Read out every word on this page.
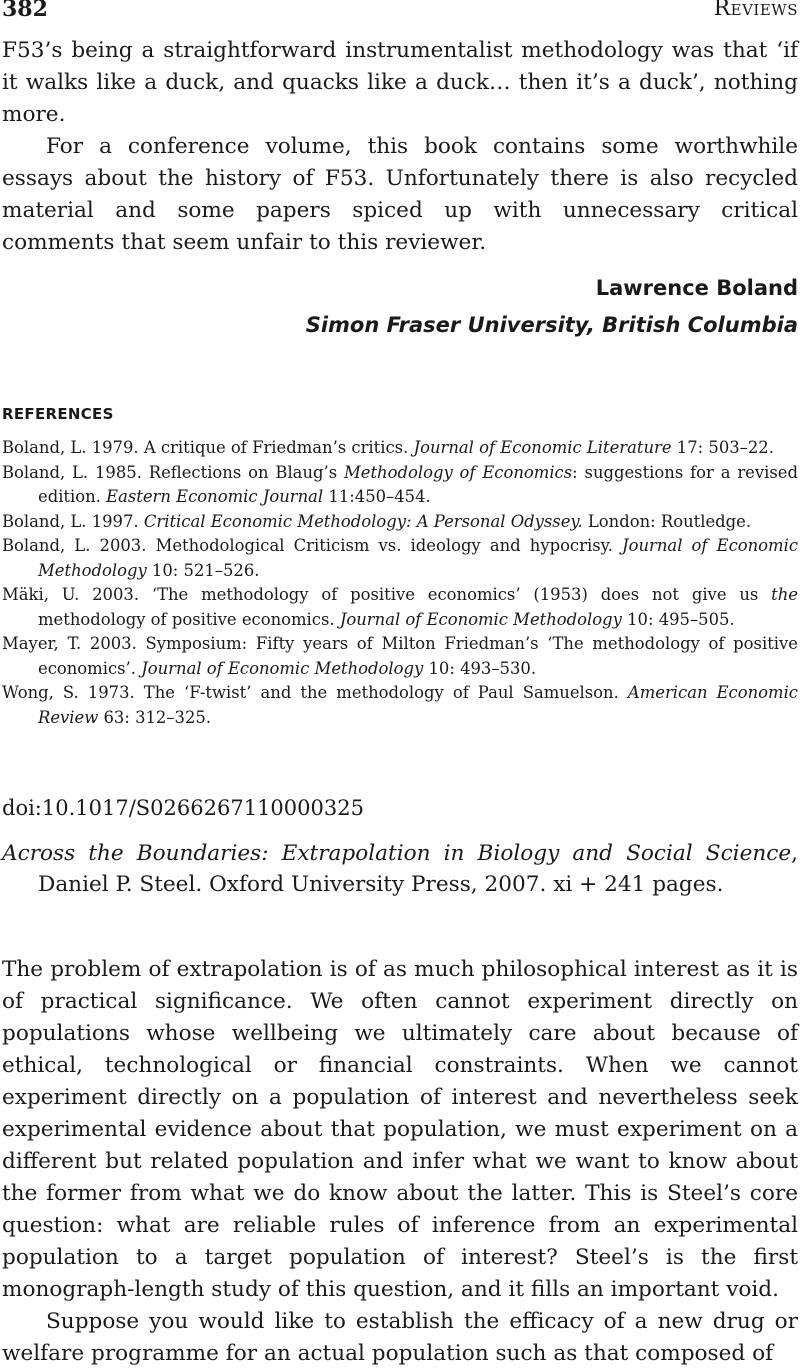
382	Reviews

F53’s being a straightforward instrumentalist methodology was that ‘if it walks like a duck, and quacks like a duck… then it’s a duck’, nothing more.

For a conference volume, this book contains some worthwhile essays about the history of F53. Unfortunately there is also recycled material and some papers spiced up with unnecessary critical comments that seem unfair to this reviewer.

Lawrence Boland
Simon Fraser University, British Columbia
REFERENCES
Boland, L. 1979. A critique of Friedman’s critics. Journal of Economic Literature 17: 503–22.
Boland, L. 1985. Reflections on Blaug’s Methodology of Economics: suggestions for a revised edition. Eastern Economic Journal 11:450–454.
Boland, L. 1997. Critical Economic Methodology: A Personal Odyssey. London: Routledge.
Boland, L. 2003. Methodological Criticism vs. ideology and hypocrisy. Journal of Economic Methodology 10: 521–526.
Mäki, U. 2003. ‘The methodology of positive economics’ (1953) does not give us the methodology of positive economics. Journal of Economic Methodology 10: 495–505.
Mayer, T. 2003. Symposium: Fifty years of Milton Friedman’s ‘The methodology of positive economics’. Journal of Economic Methodology 10: 493–530.
Wong, S. 1973. The ‘F-twist’ and the methodology of Paul Samuelson. American Economic Review 63: 312–325.
doi:10.1017/S0266267110000325

Across the Boundaries: Extrapolation in Biology and Social Science, Daniel P. Steel. Oxford University Press, 2007. xi + 241 pages.

The problem of extrapolation is of as much philosophical interest as it is of practical significance. We often cannot experiment directly on populations whose wellbeing we ultimately care about because of ethical, technological or financial constraints. When we cannot experiment directly on a population of interest and nevertheless seek experimental evidence about that population, we must experiment on a different but related population and infer what we want to know about the former from what we do know about the latter. This is Steel’s core question: what are reliable rules of inference from an experimental population to a target population of interest? Steel’s is the first monograph-length study of this question, and it fills an important void.

Suppose you would like to establish the efficacy of a new drug or welfare programme for an actual population such as that composed of
